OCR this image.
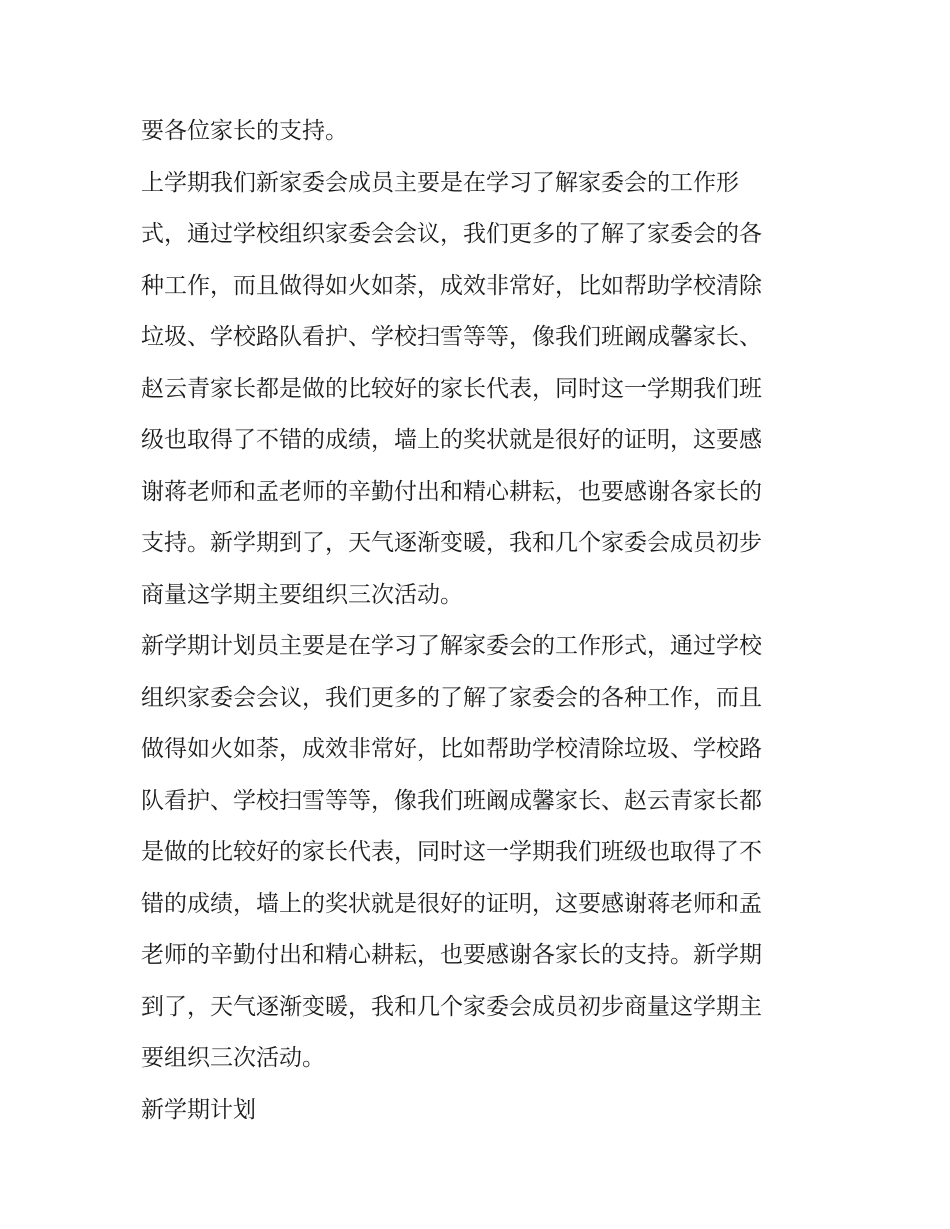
要各位家长的支持。
上学期我们新家委会成员主要是在学习了解家委会的工作形
式，通过学校组织家委会会议，我们更多的了解了家委会的各
种工作，而且做得如火如荼，成效非常好，比如帮助学校清除
垃圾、学校路队看护、学校扫雪等等，像我们班阚成馨家长、
赵云青家长都是做的比较好的家长代表，同时这一学期我们班
级也取得了不错的成绩，墙上的奖状就是很好的证明，这要感
谢蒋老师和孟老师的辛勤付出和精心耕耘，也要感谢各家长的
支持。新学期到了，天气逐渐变暖，我和几个家委会成员初步
商量这学期主要组织三次活动。
新学期计划员主要是在学习了解家委会的工作形式，通过学校
组织家委会会议，我们更多的了解了家委会的各种工作，而且
做得如火如荼，成效非常好，比如帮助学校清除垃圾、学校路
队看护、学校扫雪等等，像我们班阚成馨家长、赵云青家长都
是做的比较好的家长代表，同时这一学期我们班级也取得了不
错的成绩，墙上的奖状就是很好的证明，这要感谢蒋老师和孟
老师的辛勤付出和精心耕耘，也要感谢各家长的支持。新学期
到了，天气逐渐变暖，我和几个家委会成员初步商量这学期主
要组织三次活动。
新学期计划
